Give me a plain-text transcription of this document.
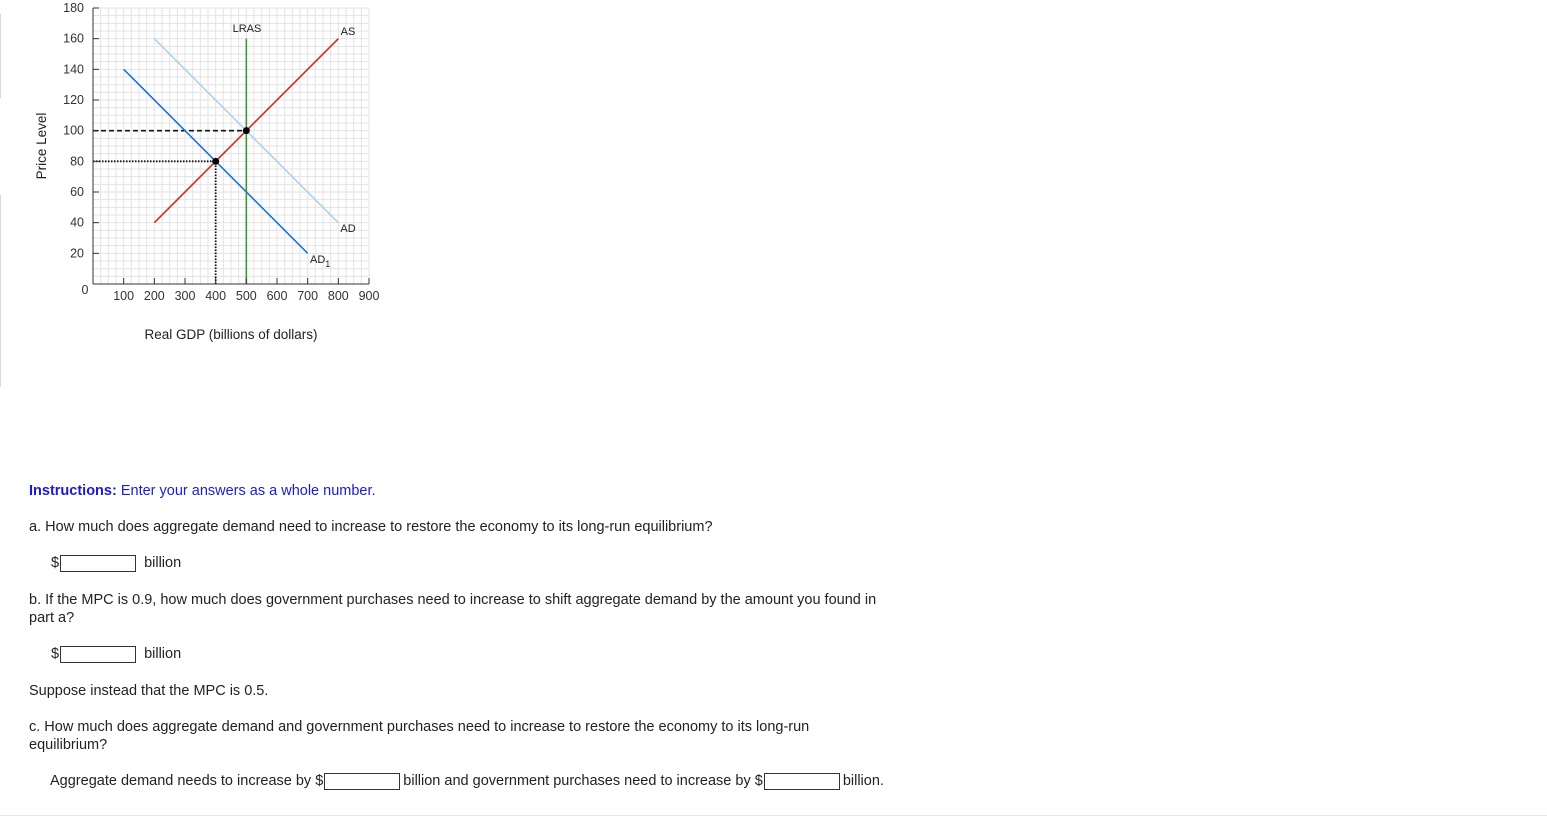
20
40
60
80
100
120
140
160
180
100 200 300 400 500 600 700 800 900
LRAS	AS
AD
$AD_1$
Price Level
Real GDP (billions of dollars)
0

Instructions: Enter your answers as a whole number.

a. How much does aggregate demand need to increase to restore the economy to its long-run equilibrium?

$	billion

b. If the MPC is 0.9, how much does government purchases need to increase to shift aggregate demand by the amount you found in

part a?

$	billion

Suppose instead that the MPC is 0.5.

c. How much does aggregate demand and government purchases need to increase to restore the economy to its long-run

equilibrium?

Aggregate demand needs to increase by
$	billion and government purchases need to increase by
$	billion.
